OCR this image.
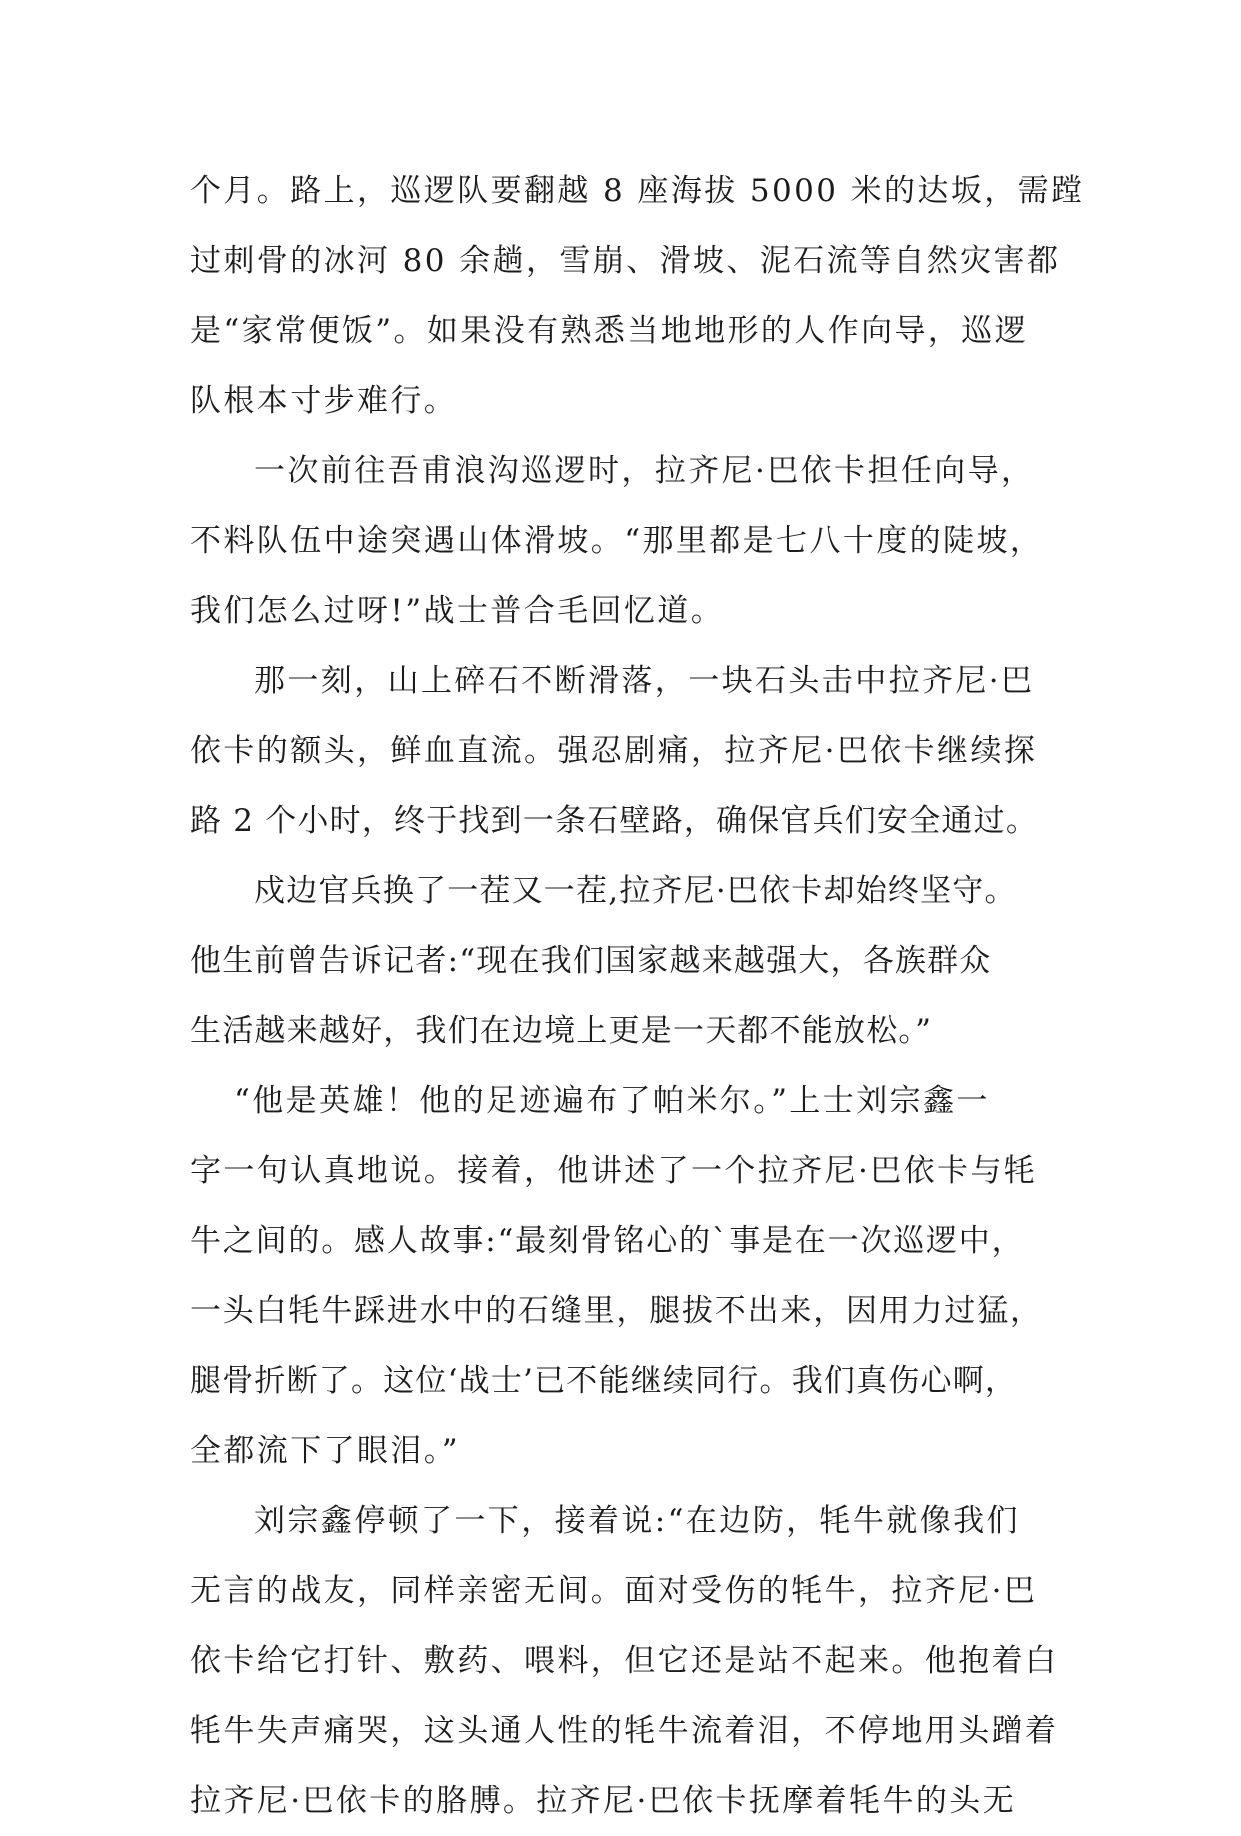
个月。路上，巡逻队要翻越 8 座海拔 5000 米的达坂，需蹚
过刺骨的冰河 80 余趟，雪崩、滑坡、泥石流等自然灾害都
是“家常便饭”。如果没有熟悉当地地形的人作向导，巡逻
队根本寸步难行。
一次前往吾甫浪沟巡逻时，拉齐尼·巴依卡担任向导，
不料队伍中途突遇山体滑坡。“那里都是七八十度的陡坡，
我们怎么过呀!”战士普合毛回忆道。
那一刻，山上碎石不断滑落，一块石头击中拉齐尼·巴
依卡的额头，鲜血直流。强忍剧痛，拉齐尼·巴依卡继续探
路 2 个小时，终于找到一条石壁路，确保官兵们安全通过。
戍边官兵换了一茬又一茬,拉齐尼·巴依卡却始终坚守。
他生前曾告诉记者:“现在我们国家越来越强大，各族群众
生活越来越好，我们在边境上更是一天都不能放松。”
“他是英雄！他的足迹遍布了帕米尔。”上士刘宗鑫一
字一句认真地说。接着，他讲述了一个拉齐尼·巴依卡与牦
牛之间的。感人故事:“最刻骨铭心的`事是在一次巡逻中，
一头白牦牛踩进水中的石缝里，腿拔不出来，因用力过猛，
腿骨折断了。这位‘战士’已不能继续同行。我们真伤心啊，
全都流下了眼泪。”
刘宗鑫停顿了一下，接着说:“在边防，牦牛就像我们
无言的战友，同样亲密无间。面对受伤的牦牛，拉齐尼·巴
依卡给它打针、敷药、喂料，但它还是站不起来。他抱着白
牦牛失声痛哭，这头通人性的牦牛流着泪，不停地用头蹭着
拉齐尼·巴依卡的胳膊。拉齐尼·巴依卡抚摩着牦牛的头无
